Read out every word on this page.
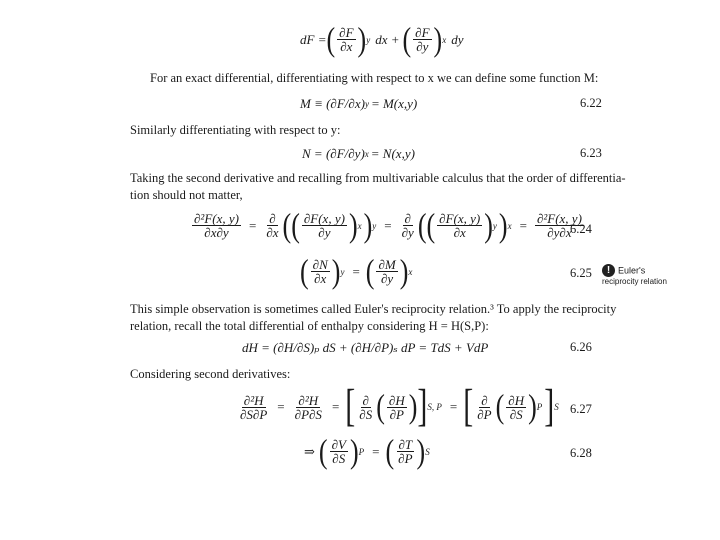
dF = ( $\frac{\partial F}{\partial x}$ ) y dx + ( $\frac{\partial F}{\partial y}$ ) x dy
For an exact differential, differentiating with respect to x we can define some function M:
M ≡ (∂F/∂x) y = M(x,y)	6.22
Similarly differentiating with respect to y:
N = (∂F/∂y) x = N(x,y)	6.23
Taking the second derivative and recalling from multivariable calculus that the order of differentia-
tion should not matter,
$\frac{\text{∂²F(x, y)}}{\partial x\partial y} = \frac{\partial}{\partial x}$ ( ( $\frac{\partial F(x, y)}{\partial y}$ ) x ) $y = \frac{\partial}{\partial y}$ ( ( $\frac{\partial F(x, y)}{\partial x}$ ) y ) $x = \frac{\text{∂²F(x, y)}}{\partial y\partial x}$
6.24
( $\frac{\partial N}{\partial x}$ ) y = ( $\frac{\partial M}{\partial y}$ ) x	6.25	! Euler's
reciprocity relation
This simple observation is sometimes called Euler's reciprocity relation.³ To apply the reciprocity
relation, recall the total differential of enthalpy considering H = H(S,P):
dH = (∂H/∂S)ₚ dS + (∂H/∂P)ₛ dP = TdS + VdP	6.26
Considering second derivatives:
$\frac{\text{∂²H}}{\partial S\partial P} = \frac{\text{∂²H}}{\partial P\partial S}$ = [ $\frac{\partial}{\partial S}$ ( $\frac{\partial H}{\partial P}$ ) ] S, P = [ $\frac{\partial}{\partial P}$ ( $\frac{\partial H}{\partial S}$ ) P ] S 6.27
⇒ ( $\frac{\partial V}{\partial S}$ ) P = ( $\frac{\partial T}{\partial P}$ ) S	6.28
